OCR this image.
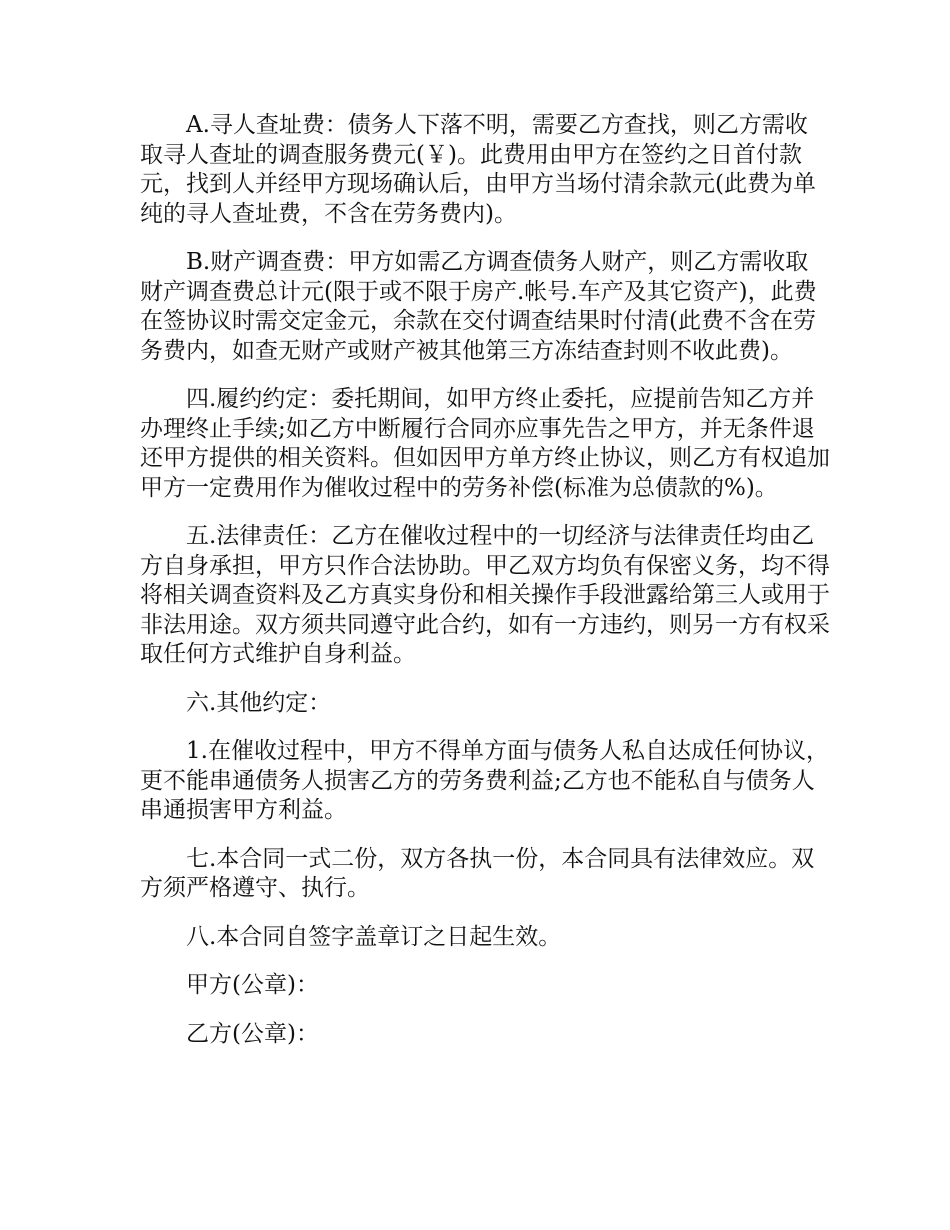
A.寻人查址费：债务人下落不明，需要乙方查找，则乙方需收取寻人查址的调查服务费元(￥)。此费用由甲方在签约之日首付款元，找到人并经甲方现场确认后，由甲方当场付清余款元(此费为单纯的寻人查址费，不含在劳务费内)。

B.财产调查费：甲方如需乙方调查债务人财产，则乙方需收取财产调查费总计元(限于或不限于房产.帐号.车产及其它资产)，此费在签协议时需交定金元，余款在交付调查结果时付清(此费不含在劳务费内，如查无财产或财产被其他第三方冻结查封则不收此费)。

四.履约约定：委托期间，如甲方终止委托，应提前告知乙方并办理终止手续;如乙方中断履行合同亦应事先告之甲方，并无条件退还甲方提供的相关资料。但如因甲方单方终止协议，则乙方有权追加甲方一定费用作为催收过程中的劳务补偿(标准为总债款的%)。

五.法律责任：乙方在催收过程中的一切经济与法律责任均由乙方自身承担，甲方只作合法协助。甲乙双方均负有保密义务，均不得将相关调查资料及乙方真实身份和相关操作手段泄露给第三人或用于非法用途。双方须共同遵守此合约，如有一方违约，则另一方有权采取任何方式维护自身利益。

六.其他约定：

1.在催收过程中，甲方不得单方面与债务人私自达成任何协议，更不能串通债务人损害乙方的劳务费利益;乙方也不能私自与债务人串通损害甲方利益。

七.本合同一式二份，双方各执一份，本合同具有法律效应。双方须严格遵守、执行。

八.本合同自签字盖章订之日起生效。

甲方(公章)：

乙方(公章)：
